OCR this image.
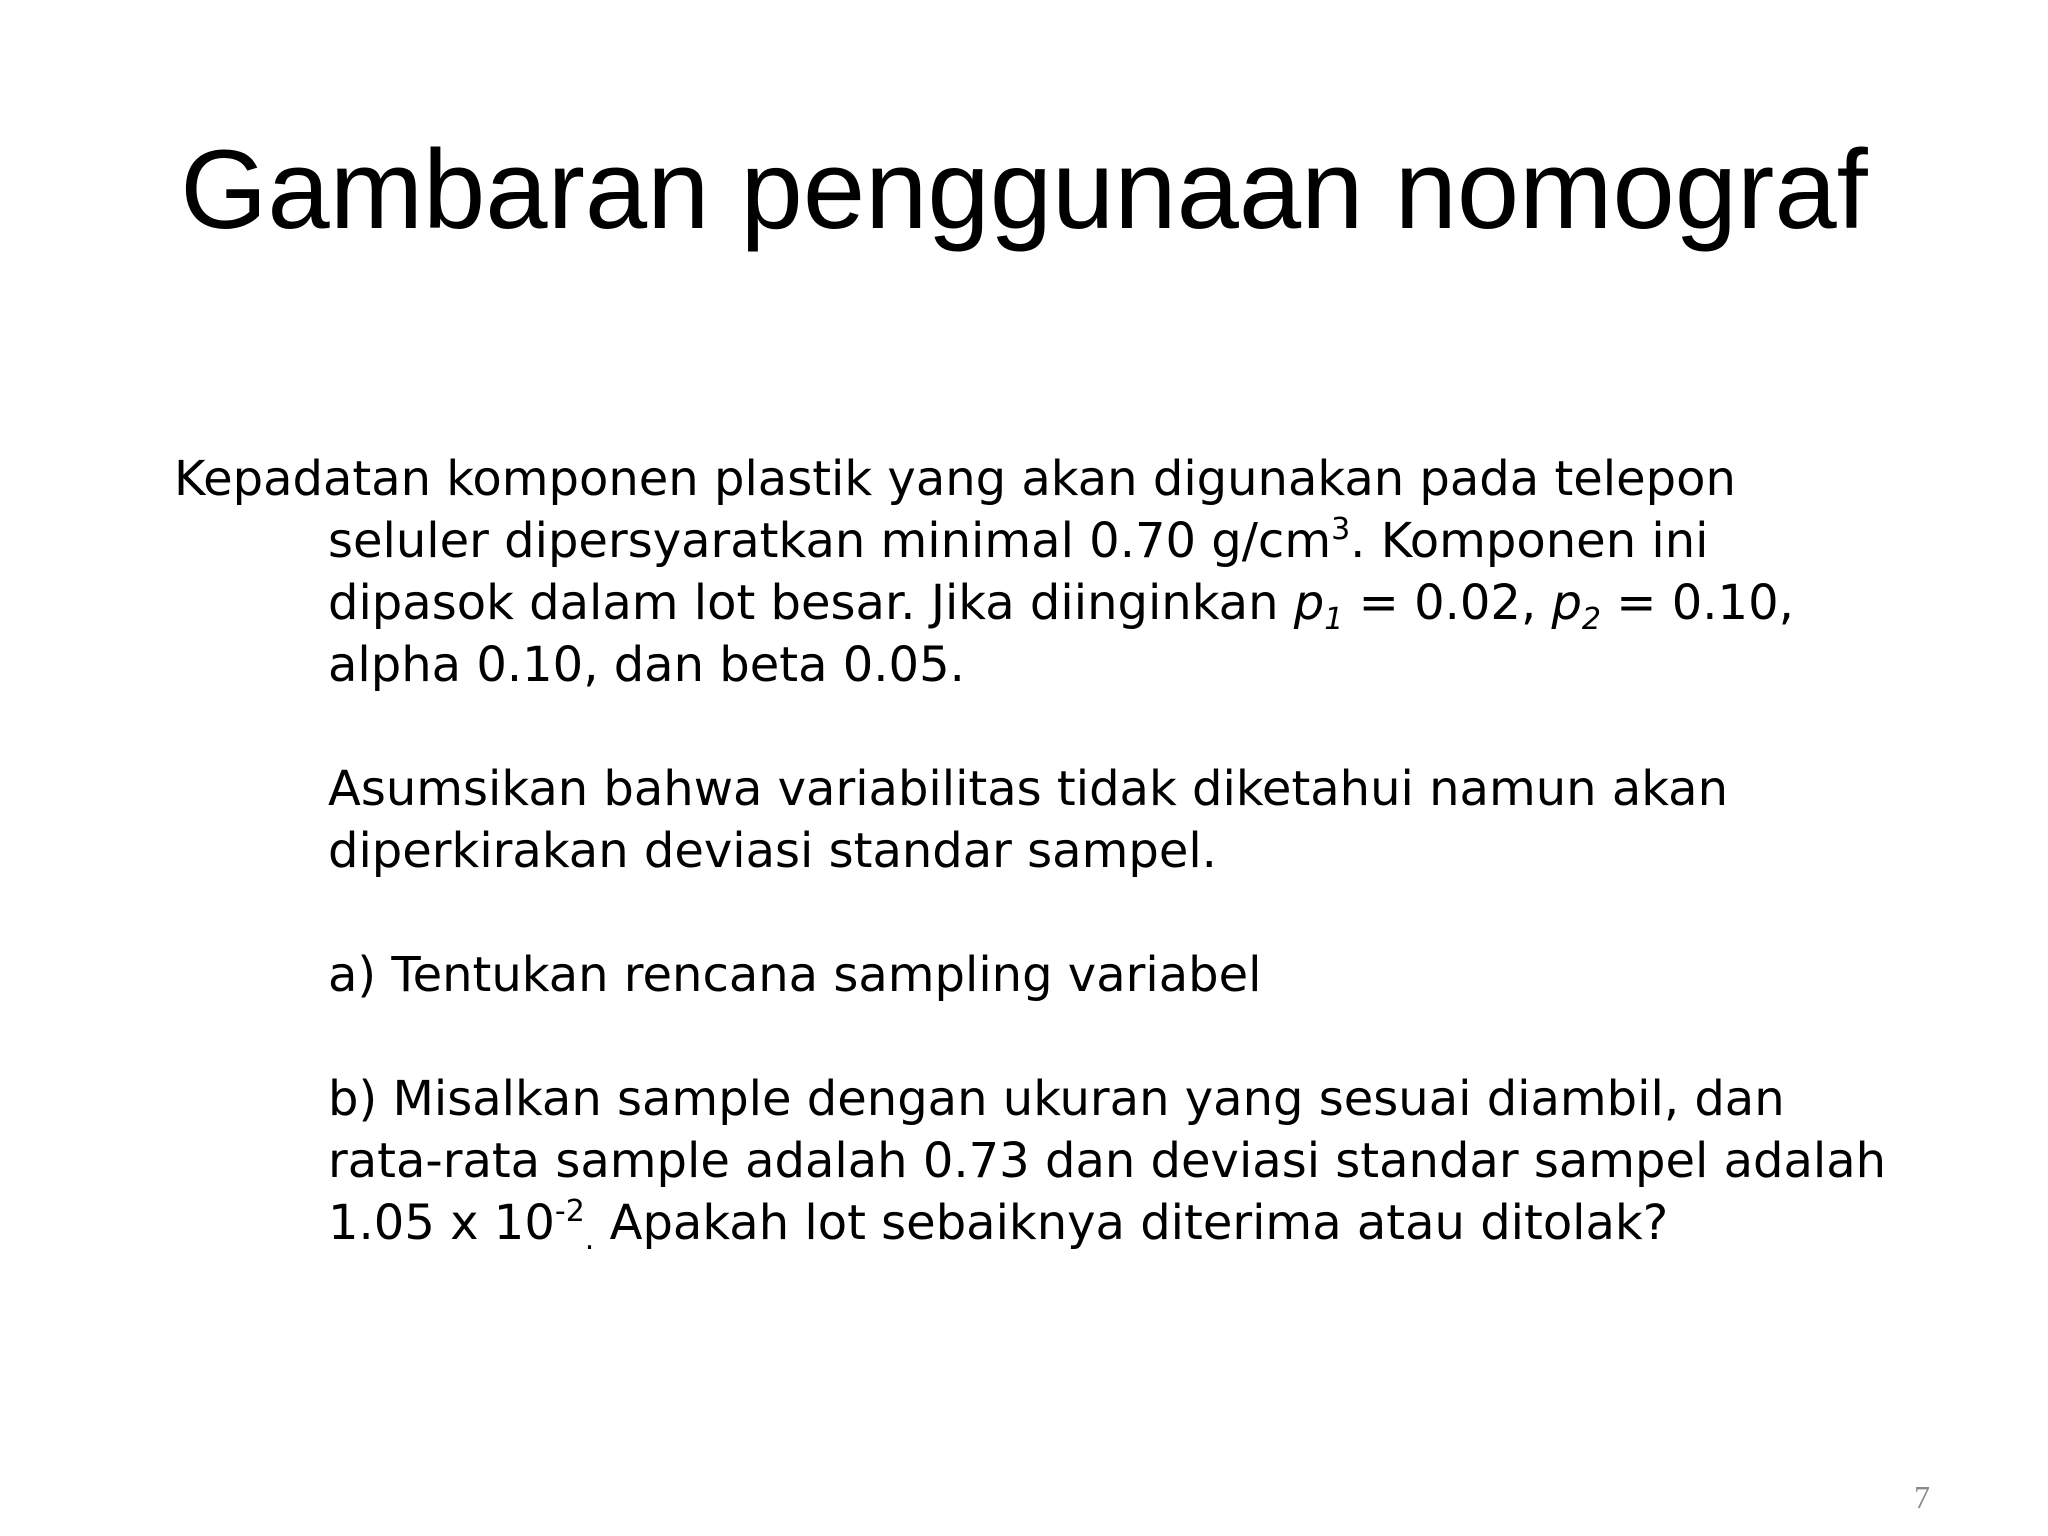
Gambaran penggunaan nomograf

Kepadatan komponen plastik yang akan digunakan pada telepon seluler dipersyaratkan minimal 0.70 $g/cm^3$. Komponen ini dipasok dalam lot besar. Jika diinginkan $p_1 = 0.02$, $p_2 = 0.10$, alpha 0.10, dan beta 0.05.

Asumsikan bahwa variabilitas tidak diketahui namun akan diperkirakan deviasi standar sampel.

a) Tentukan rencana sampling variabel

b) Misalkan sample dengan ukuran yang sesuai diambil, dan rata-rata sample adalah 0.73 dan deviasi standar sampel adalah 1.05 x $10^{-2}_.$ Apakah lot sebaiknya diterima atau ditolak?

7
